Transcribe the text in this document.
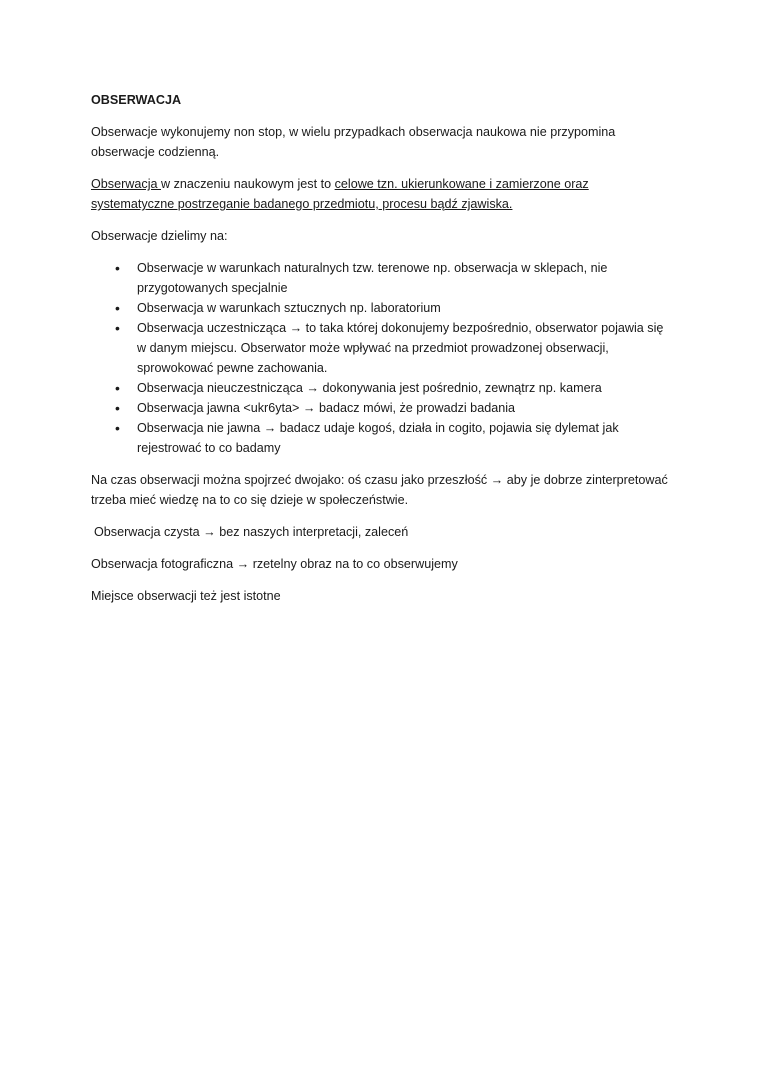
OBSERWACJA

Obserwacje wykonujemy non stop, w wielu przypadkach obserwacja naukowa nie przypomina obserwacje codzienną.

Obserwacja w znaczeniu naukowym jest to celowe tzn. ukierunkowane i zamierzone oraz systematyczne postrzeganie badanego przedmiotu, procesu bądź zjawiska.

Obserwacje dzielimy na:

• Obserwacje w warunkach naturalnych tzw. terenowe np. obserwacja w sklepach, nie przygotowanych specjalnie
• Obserwacja w warunkach sztucznych np. laboratorium
• Obserwacja uczestnicząca → to taka której dokonujemy bezpośrednio, obserwator pojawia się w danym miejscu. Obserwator może wpływać na przedmiot prowadzonej obserwacji, sprowokować pewne zachowania.
• Obserwacja nieuczestnicząca → dokonywania jest pośrednio, zewnątrz np. kamera
• Obserwacja jawna <ukr6yta> → badacz mówi, że prowadzi badania
• Obserwacja nie jawna → badacz udaje kogoś, działa in cogito, pojawia się dylemat jak rejestrować to co badamy

Na czas obserwacji można spojrzeć dwojako: oś czasu jako przeszłość → aby je dobrze zinterpretować trzeba mieć wiedzę na to co się dzieje w społeczeństwie.

Obserwacja czysta → bez naszych interpretacji, zaleceń

Obserwacja fotograficzna → rzetelny obraz na to co obserwujemy

Miejsce obserwacji też jest istotne
